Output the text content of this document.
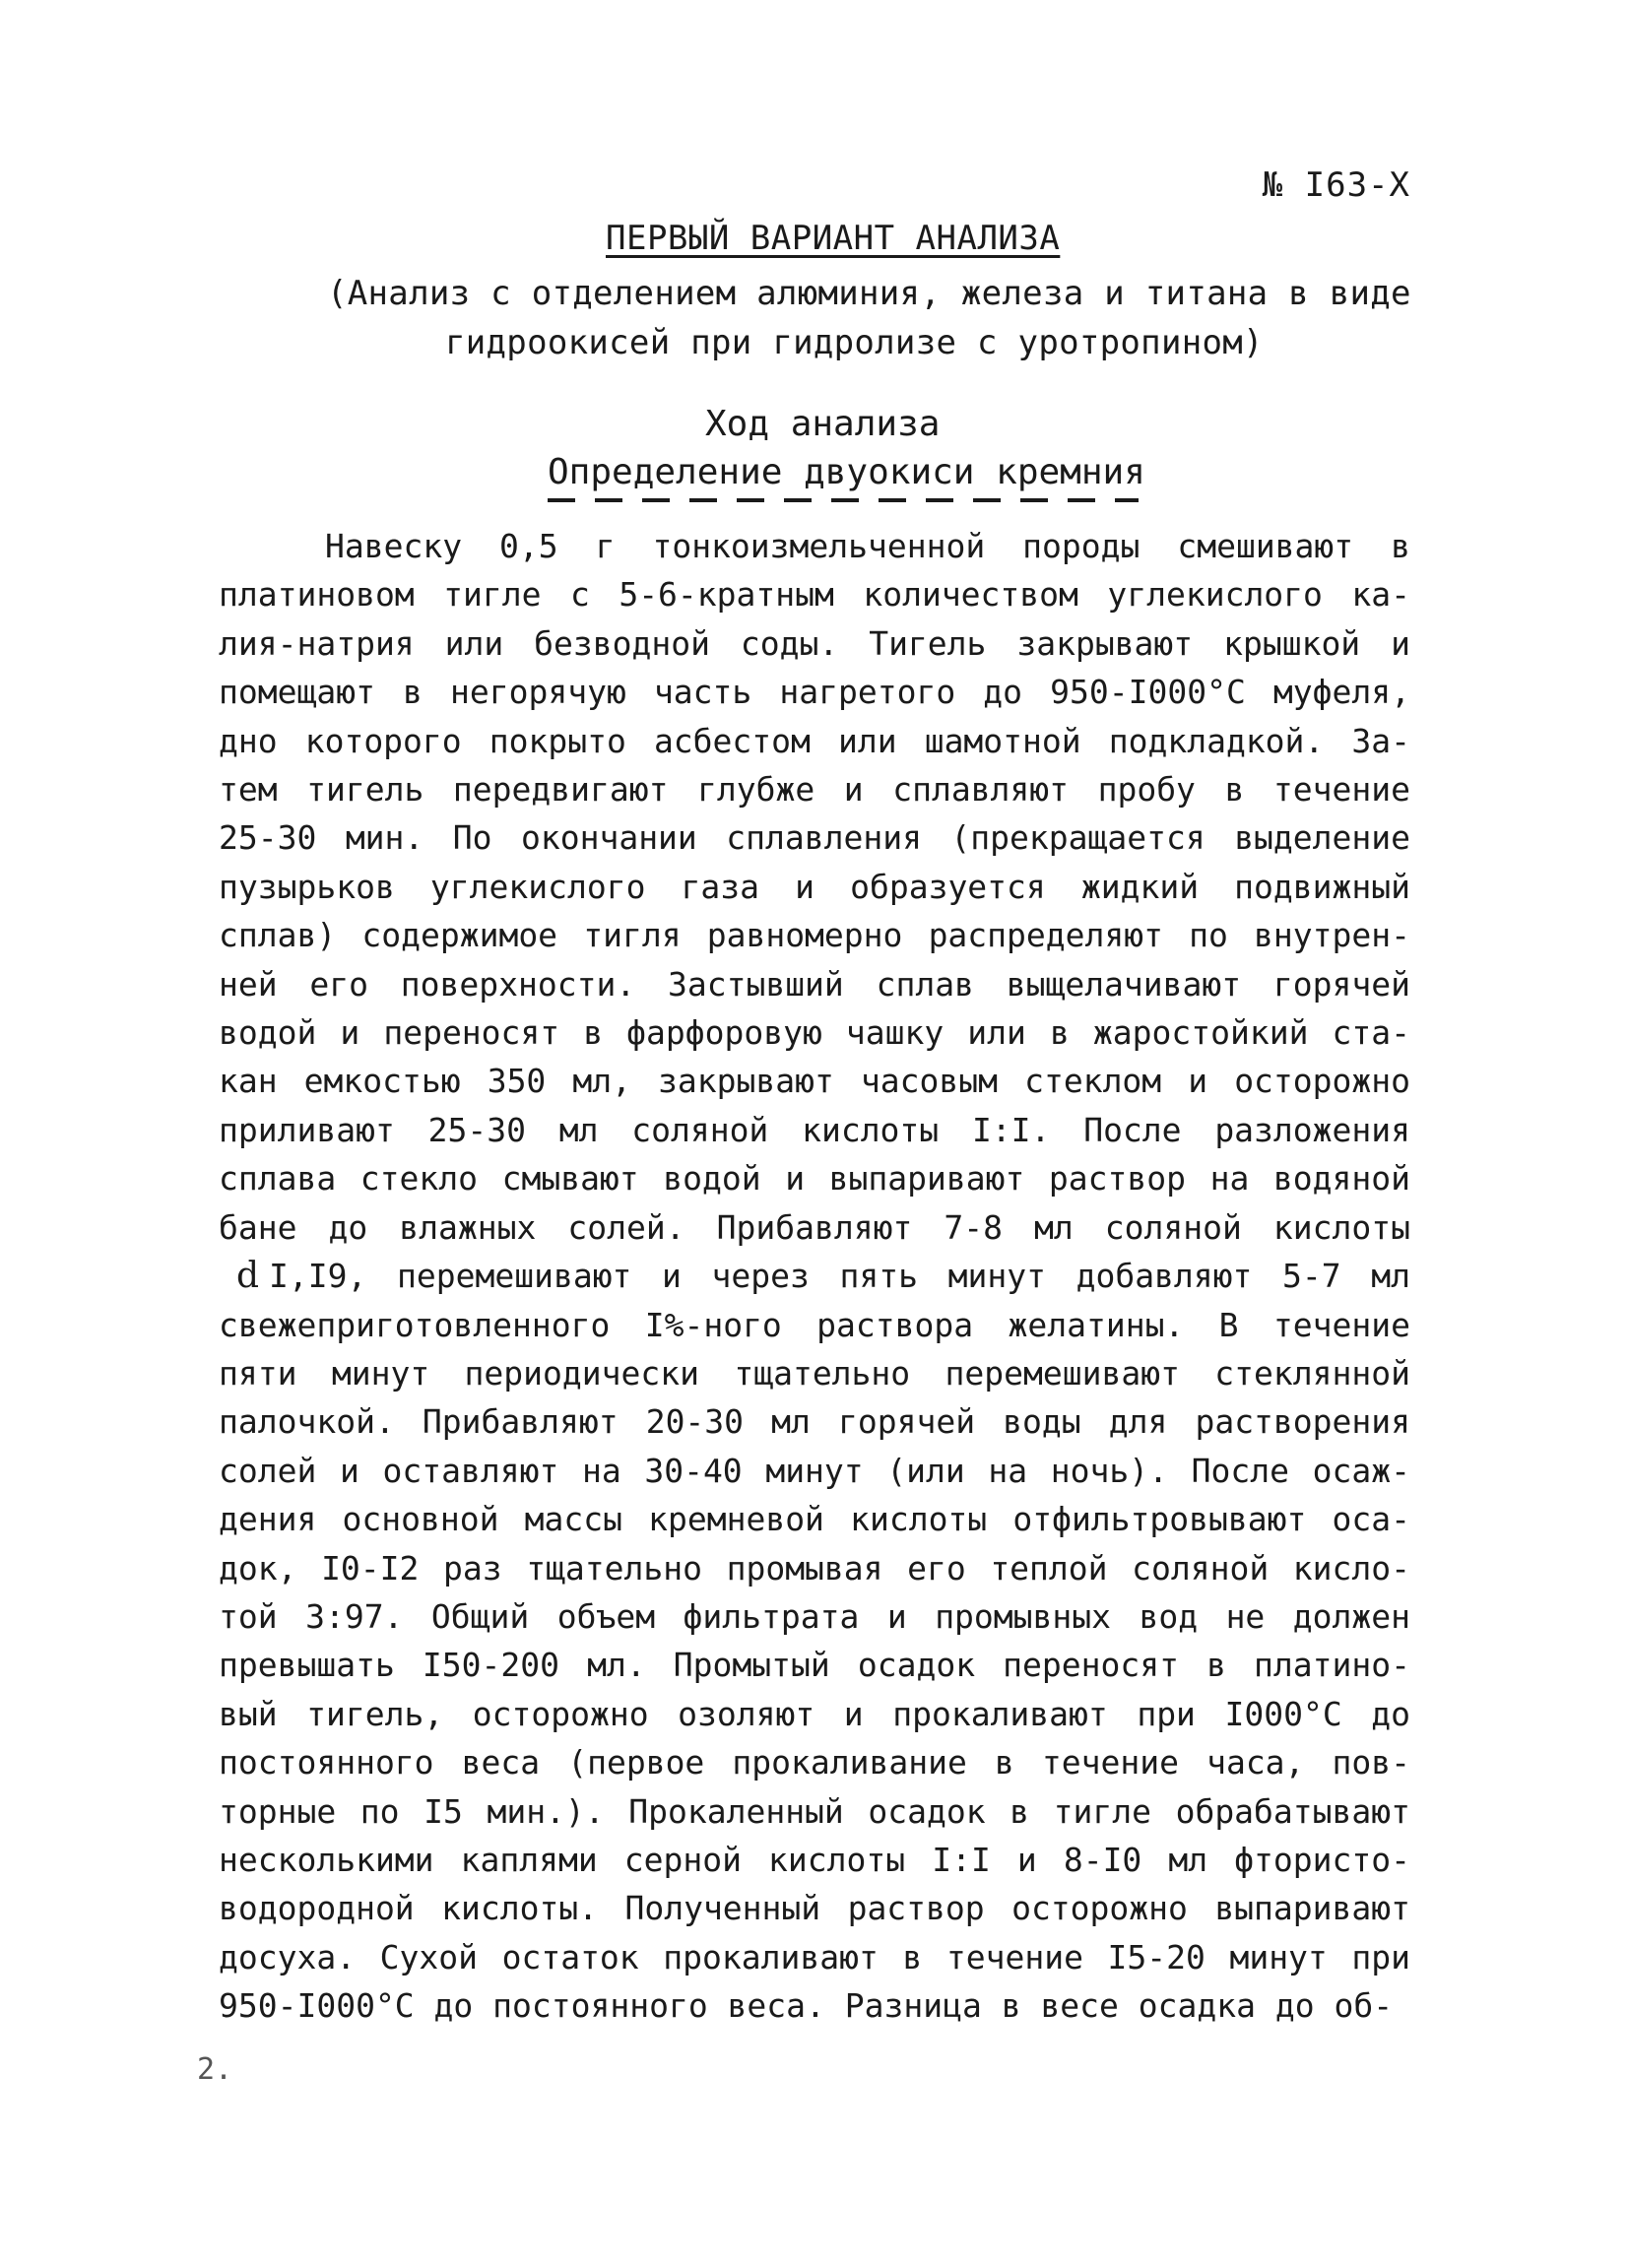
№ I63-X
ПЕРВЫЙ ВАРИАНТ АНАЛИЗА
(Анализ с отделением алюминия, железа и титана в виде
гидроокисей при гидролизе с уротропином)
Ход анализа
Определение двуокиси кремния
Навеску 0,5 г тонкоизмельченной породы смешивают в
платиновом тигле с 5-6-кратным количеством углекислого ка-
лия-натрия или безводной соды. Тигель закрывают крышкой и
помещают в негорячую часть нагретого до 950-I000°C муфеля,
дно которого покрыто асбестом или шамотной подкладкой. За-
тем тигель передвигают глубже и сплавляют пробу в течение
25-30 мин. По окончании сплавления (прекращается выделение
пузырьков углекислого газа и образуется жидкий подвижный
сплав) содержимое тигля равномерно распределяют по внутрен-
ней его поверхности. Застывший сплав выщелачивают горячей
водой и переносят в фарфоровую чашку или в жаростойкий ста-
кан емкостью 350 мл, закрывают часовым стеклом и осторожно
приливают 25-30 мл соляной кислоты I:I. После разложения
сплава стекло смывают водой и выпаривают раствор на водяной
бане до влажных солей. Прибавляют 7-8 мл соляной кислоты
d I,I9, перемешивают и через пять минут добавляют 5-7 мл
свежеприготовленного I%-ного раствора желатины. В течение
пяти минут периодически тщательно перемешивают стеклянной
палочкой. Прибавляют 20-30 мл горячей воды для растворения
солей и оставляют на 30-40 минут (или на ночь). После осаж-
дения основной массы кремневой кислоты отфильтровывают оса-
док, I0-I2 раз тщательно промывая его теплой соляной кисло-
той 3:97. Общий объем фильтрата и промывных вод не должен
превышать I50-200 мл. Промытый осадок переносят в платино-
вый тигель, осторожно озоляют и прокаливают при I000°C до
постоянного веса (первое прокаливание в течение часа, пов-
торные по I5 мин.). Прокаленный осадок в тигле обрабатывают
несколькими каплями серной кислоты I:I и 8-I0 мл фтористо-
водородной кислоты. Полученный раствор осторожно выпаривают
досуха. Сухой остаток прокаливают в течение I5-20 минут при
950-I000°C до постоянного веса. Разница в весе осадка до об-
2.
